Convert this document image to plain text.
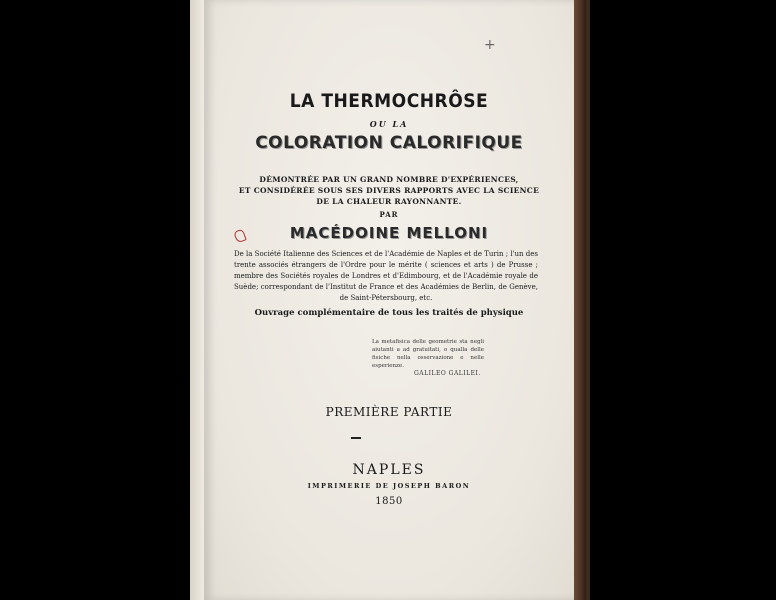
+
LA THERMOCHRÔSE
OU LA
COLORATION CALORIFIQUE
DÉMONTRÉE PAR UN GRAND NOMBRE D'EXPÉRIENCES,
ET CONSIDÉRÉE SOUS SES DIVERS RAPPORTS AVEC LA SCIENCE
DE LA CHALEUR RAYONNANTE.
PAR
MACÉDOINE MELLONI
De la Société Italienne des Sciences et de l'Académie de Naples et de Turin ; l'un des trente associés étrangers de l'Ordre pour le mérite ( sciences et arts ) de Prusse ; membre des Sociétés royales de Londres et d'Edimbourg, et de l'Académie royale de Suède; correspondant de l'Institut de France et des Académies de Berlin, de Genève, de Saint-Pétersbourg, etc.
Ouvrage complémentaire de tous les traités de physique
La metafisica delle geometrie sta negli aiutanti a ad gratuitati, o qualla delle fisiche nella osservazione e nelle esperienze.
GALILEO GALILEI.
PREMIÈRE PARTIE
NAPLES
IMPRIMERIE DE JOSEPH BARON
1850
